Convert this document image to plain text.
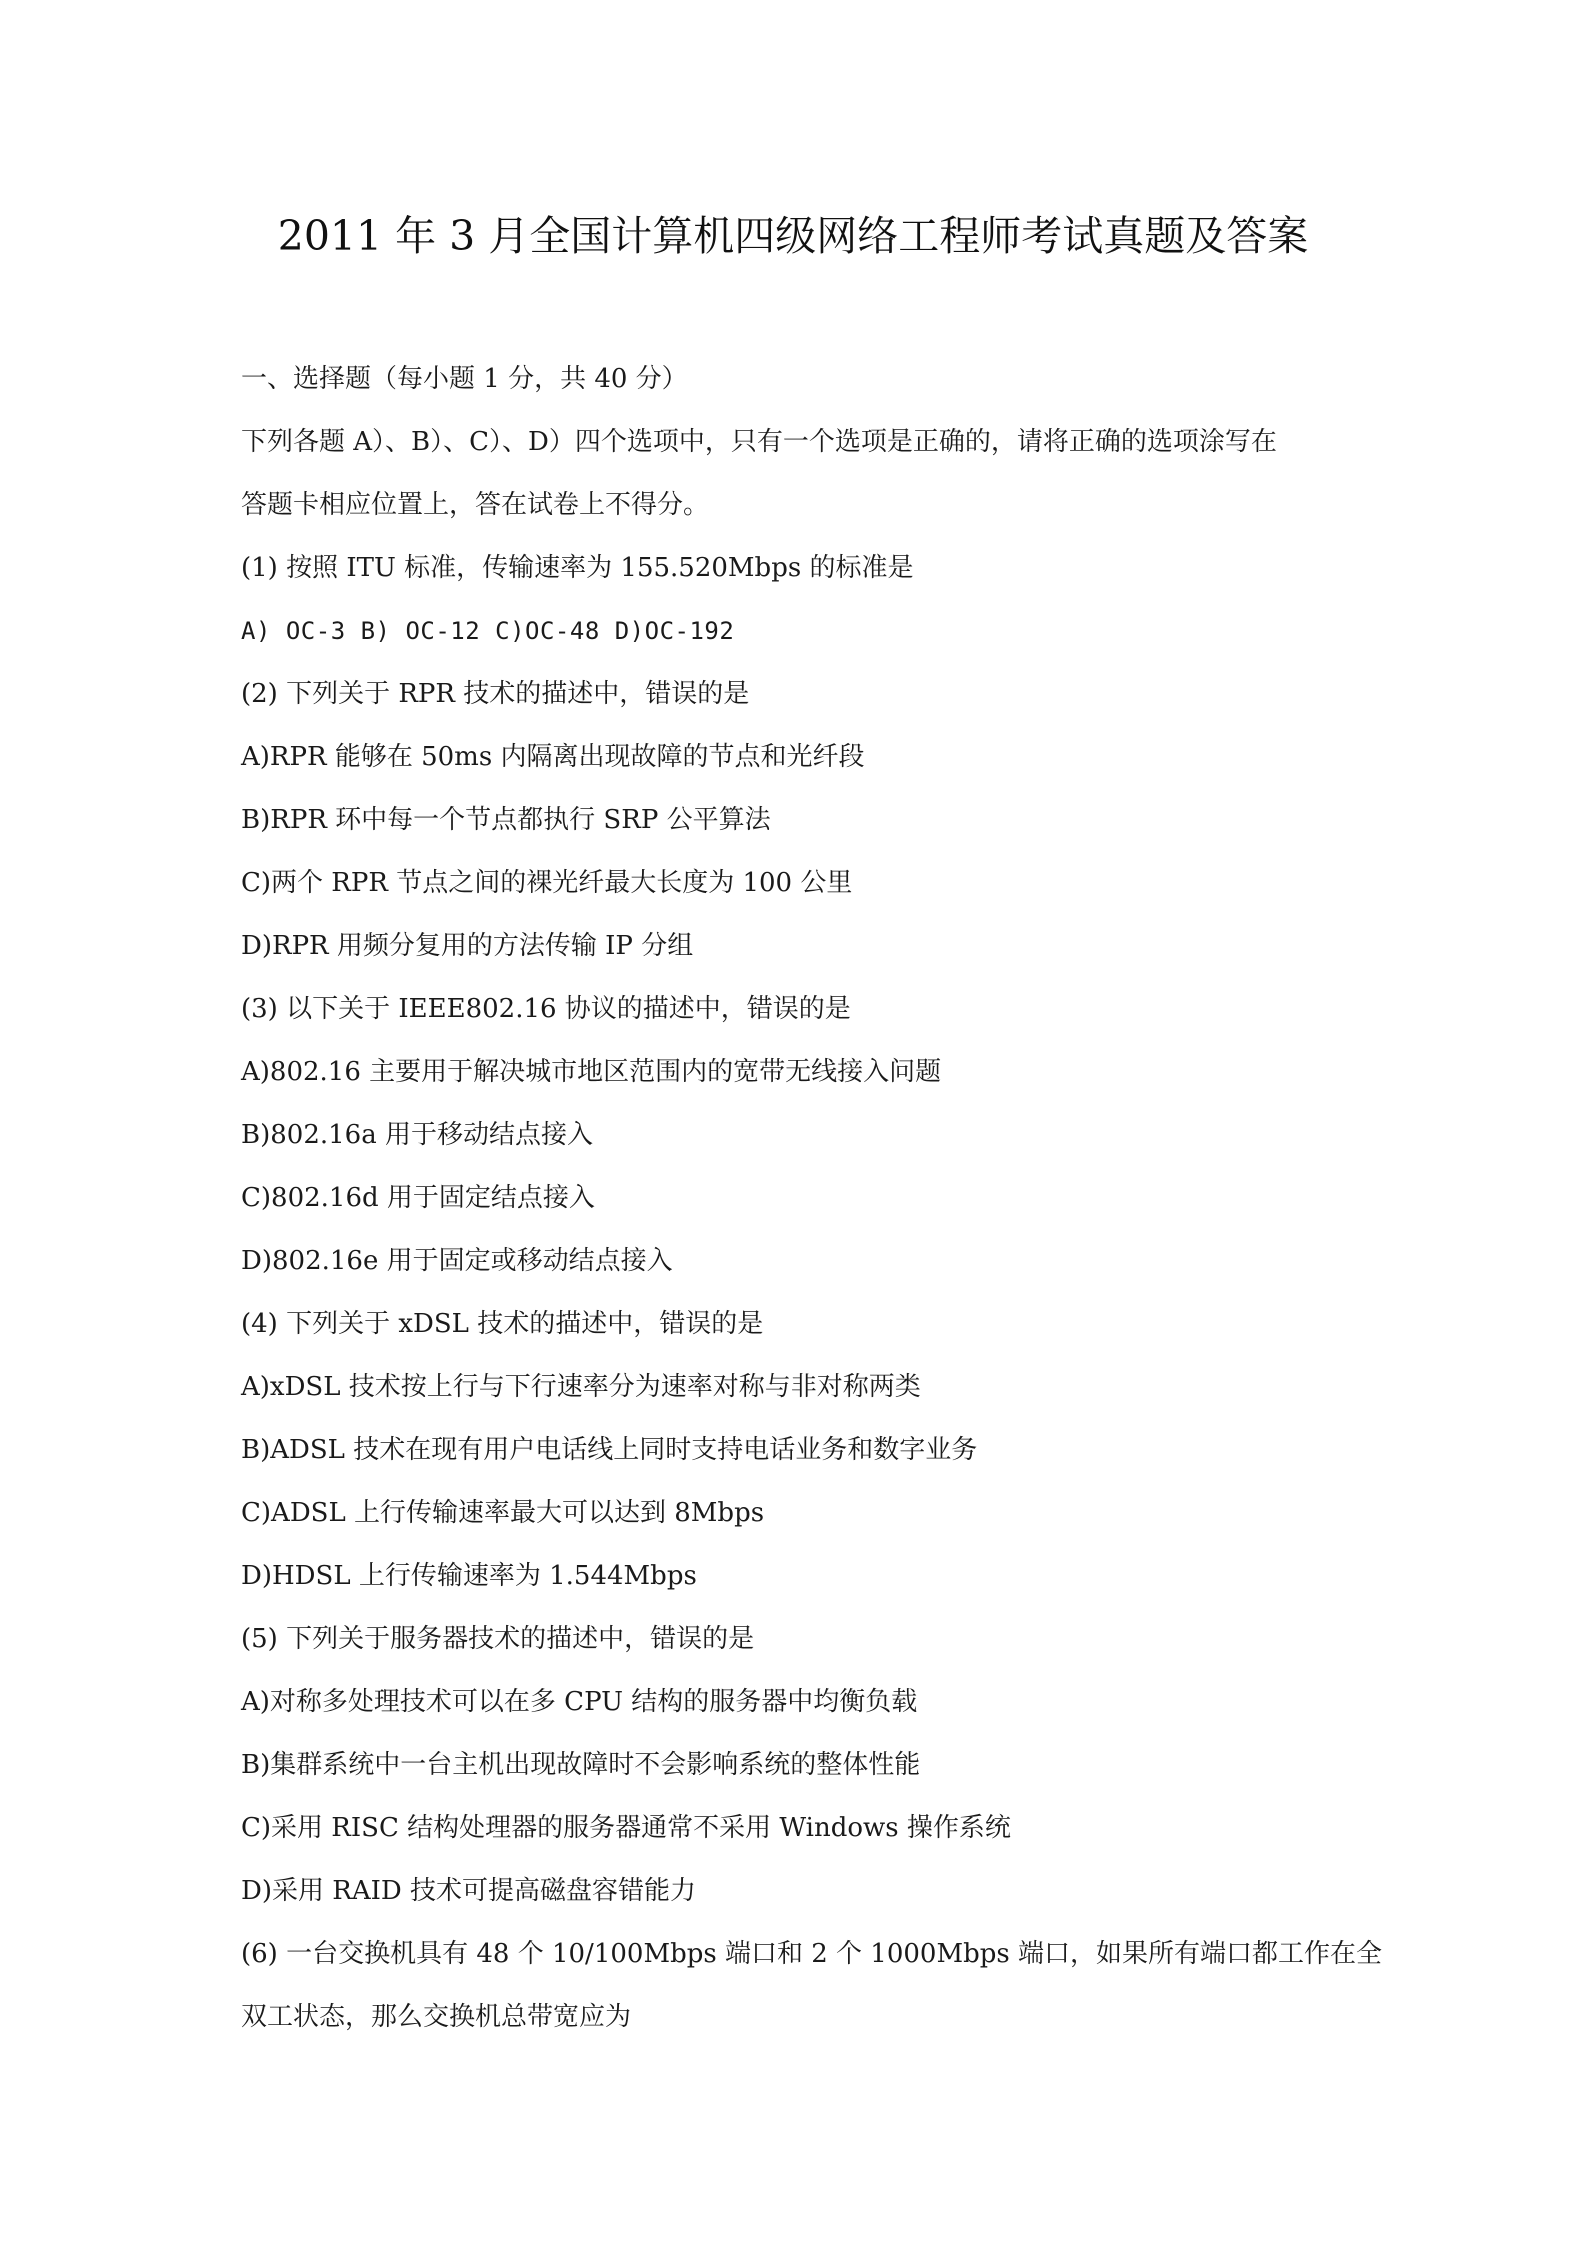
2011 年 3 月全国计算机四级网络工程师考试真题及答案
一、选择题（每小题 1 分，共 40 分）
下列各题 A）、B）、C）、D）四个选项中，只有一个选项是正确的，请将正确的选项涂写在
答题卡相应位置上，答在试卷上不得分。
(1) 按照 ITU 标准，传输速率为 155.520Mbps 的标准是
A) OC-3 B) OC-12 C)OC-48 D)OC-192
(2) 下列关于 RPR 技术的描述中，错误的是
A)RPR 能够在 50ms 内隔离出现故障的节点和光纤段
B)RPR 环中每一个节点都执行 SRP 公平算法
C)两个 RPR 节点之间的裸光纤最大长度为 100 公里
D)RPR 用频分复用的方法传输 IP 分组
(3) 以下关于 IEEE802.16 协议的描述中，错误的是
A)802.16 主要用于解决城市地区范围内的宽带无线接入问题
B)802.16a 用于移动结点接入
C)802.16d 用于固定结点接入
D)802.16e 用于固定或移动结点接入
(4) 下列关于 xDSL 技术的描述中，错误的是
A)xDSL 技术按上行与下行速率分为速率对称与非对称两类
B)ADSL 技术在现有用户电话线上同时支持电话业务和数字业务
C)ADSL 上行传输速率最大可以达到 8Mbps
D)HDSL 上行传输速率为 1.544Mbps
(5) 下列关于服务器技术的描述中，错误的是
A)对称多处理技术可以在多 CPU 结构的服务器中均衡负载
B)集群系统中一台主机出现故障时不会影响系统的整体性能
C)采用 RISC 结构处理器的服务器通常不采用 Windows 操作系统
D)采用 RAID 技术可提高磁盘容错能力
(6) 一台交换机具有 48 个 10/100Mbps 端口和 2 个 1000Mbps 端口，如果所有端口都工作在全
双工状态，那么交换机总带宽应为
